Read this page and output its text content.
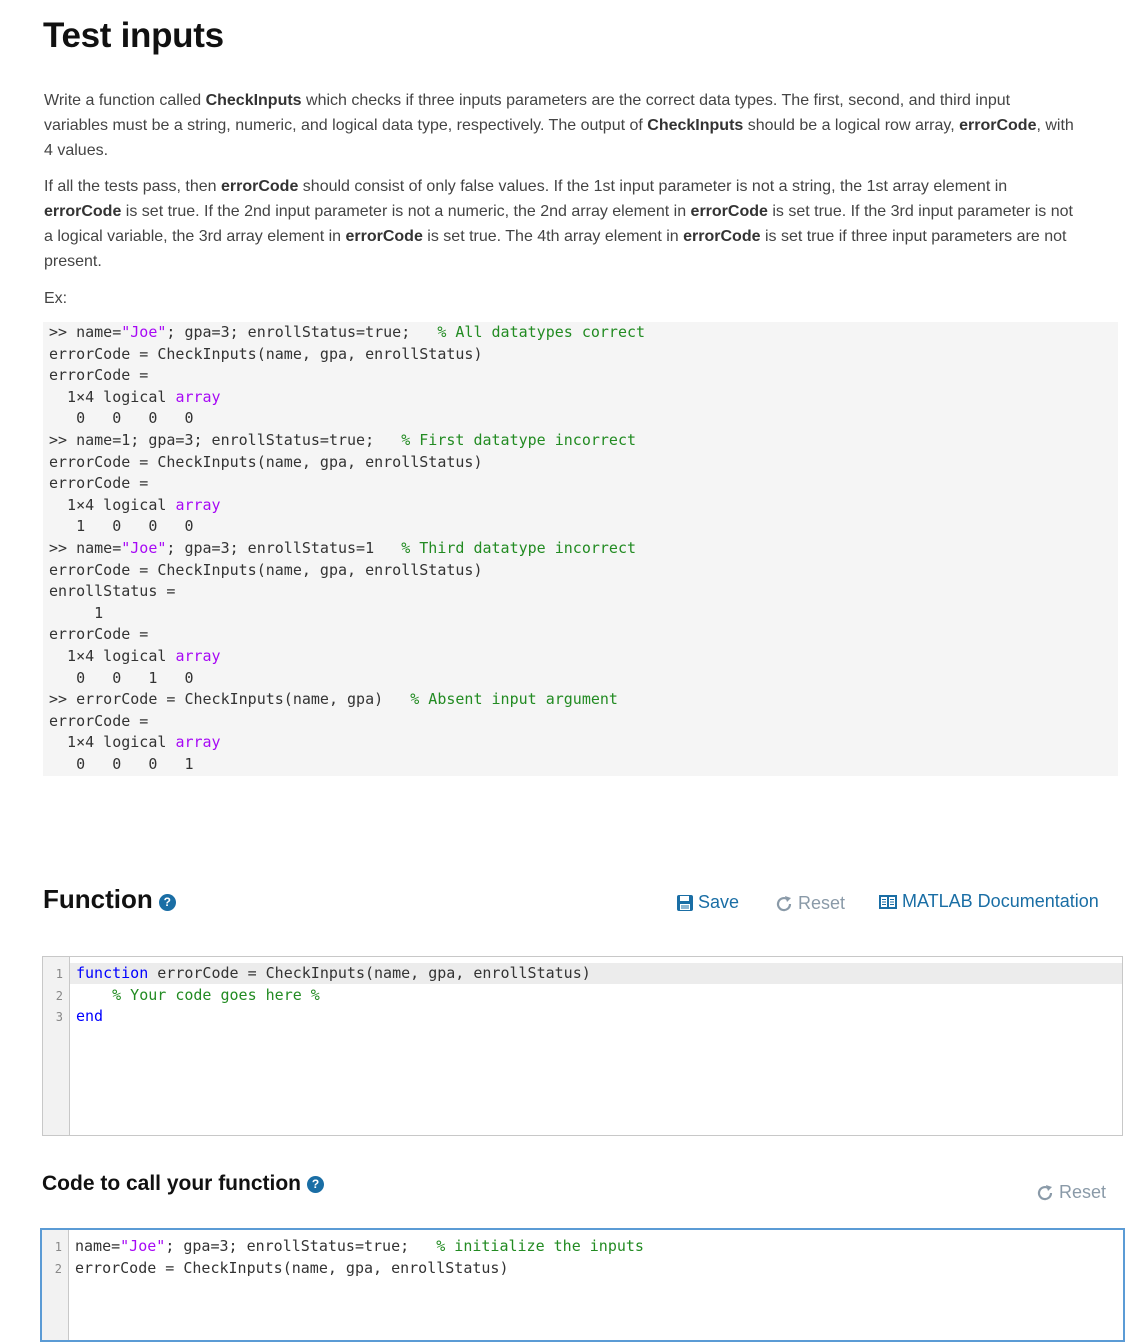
Test inputs

Write a function called CheckInputs which checks if three inputs parameters are the correct data types. The first, second, and third input variables must be a string, numeric, and logical data type, respectively. The output of CheckInputs should be a logical row array, errorCode, with 4 values.

If all the tests pass, then errorCode should consist of only false values. If the 1st input parameter is not a string, the 1st array element in errorCode is set true. If the 2nd input parameter is not a numeric, the 2nd array element in errorCode is set true. If the 3rd input parameter is not a logical variable, the 3rd array element in errorCode is set true. The 4th array element in errorCode is set true if three input parameters are not present.

Ex:

>> name="Joe"; gpa=3; enrollStatus=true;   % All datatypes correct
errorCode = CheckInputs(name, gpa, enrollStatus)
errorCode =
1×4 logical array
0   0   0   0
>> name=1; gpa=3; enrollStatus=true;   % First datatype incorrect
errorCode = CheckInputs(name, gpa, enrollStatus)
errorCode =
1×4 logical array
1   0   0   0
>> name="Joe"; gpa=3; enrollStatus=1   % Third datatype incorrect
errorCode = CheckInputs(name, gpa, enrollStatus)
enrollStatus =
1
errorCode =
1×4 logical array
0   0   1   0
>> errorCode = CheckInputs(name, gpa)   % Absent input argument
errorCode =
1×4 logical array
0   0   0   1
Function ?	Save	Reset	MATLAB Documentation
1 function errorCode = CheckInputs(name, gpa, enrollStatus)
2 % Your code goes here %
3 end
Code to call your function ?	Reset
1 name="Joe"; gpa=3; enrollStatus=true;   % initialize the inputs
2 errorCode = CheckInputs(name, gpa, enrollStatus)
